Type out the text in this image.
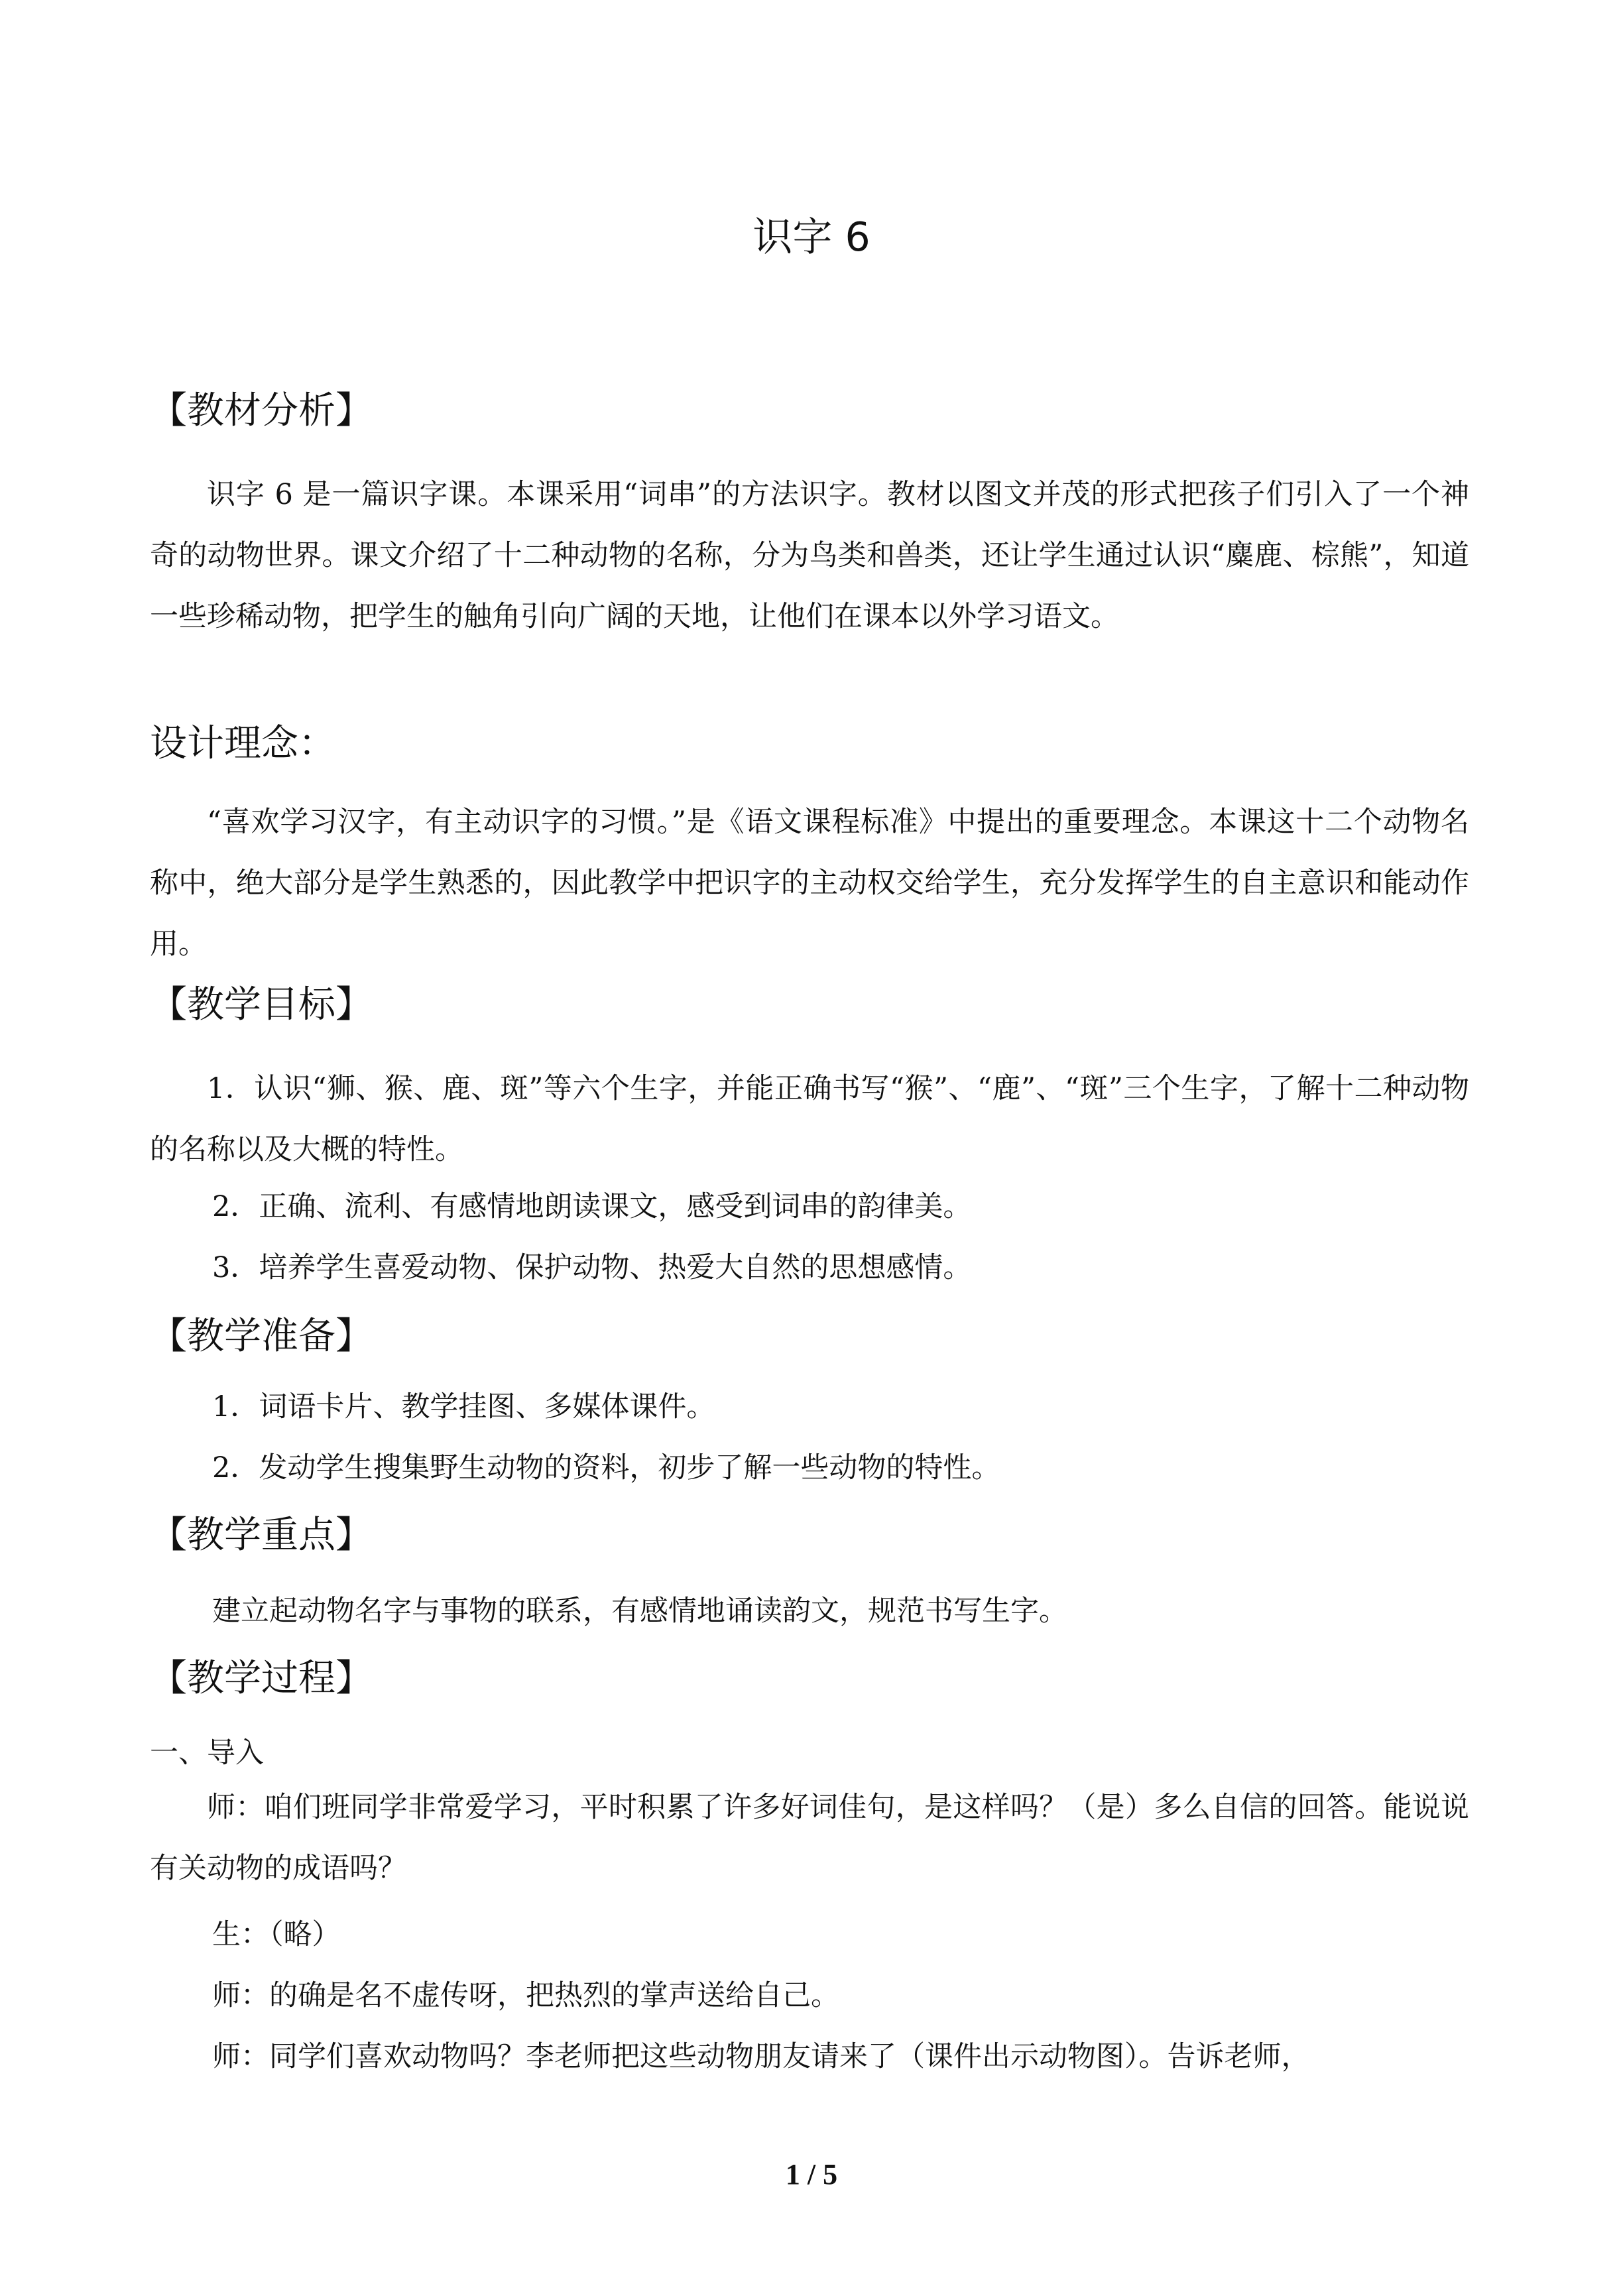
识字 6
【教材分析】
识字 6 是一篇识字课。本课采用“词串”的方法识字。教材以图文并茂的形式把孩子们引入了一个神奇的动物世界。课文介绍了十二种动物的名称，分为鸟类和兽类，还让学生通过认识“麋鹿、棕熊”，知道一些珍稀动物，把学生的触角引向广阔的天地，让他们在课本以外学习语文。
设计理念：
“喜欢学习汉字，有主动识字的习惯。”是《语文课程标准》中提出的重要理念。本课这十二个动物名称中，绝大部分是学生熟悉的，因此教学中把识字的主动权交给学生，充分发挥学生的自主意识和能动作用。
【教学目标】
1．认识“狮、猴、鹿、斑”等六个生字，并能正确书写“猴”、“鹿”、“斑”三个生字，了解十二种动物的名称以及大概的特性。
2．正确、流利、有感情地朗读课文，感受到词串的韵律美。
3．培养学生喜爱动物、保护动物、热爱大自然的思想感情。
【教学准备】
1．词语卡片、教学挂图、多媒体课件。
2．发动学生搜集野生动物的资料，初步了解一些动物的特性。
【教学重点】
建立起动物名字与事物的联系，有感情地诵读韵文，规范书写生字。
【教学过程】
一、导入
师：咱们班同学非常爱学习，平时积累了许多好词佳句，是这样吗？（是）多么自信的回答。能说说有关动物的成语吗？
生：（略）
师：的确是名不虚传呀，把热烈的掌声送给自己。
师：同学们喜欢动物吗？李老师把这些动物朋友请来了（课件出示动物图）。告诉老师，
1 / 5
